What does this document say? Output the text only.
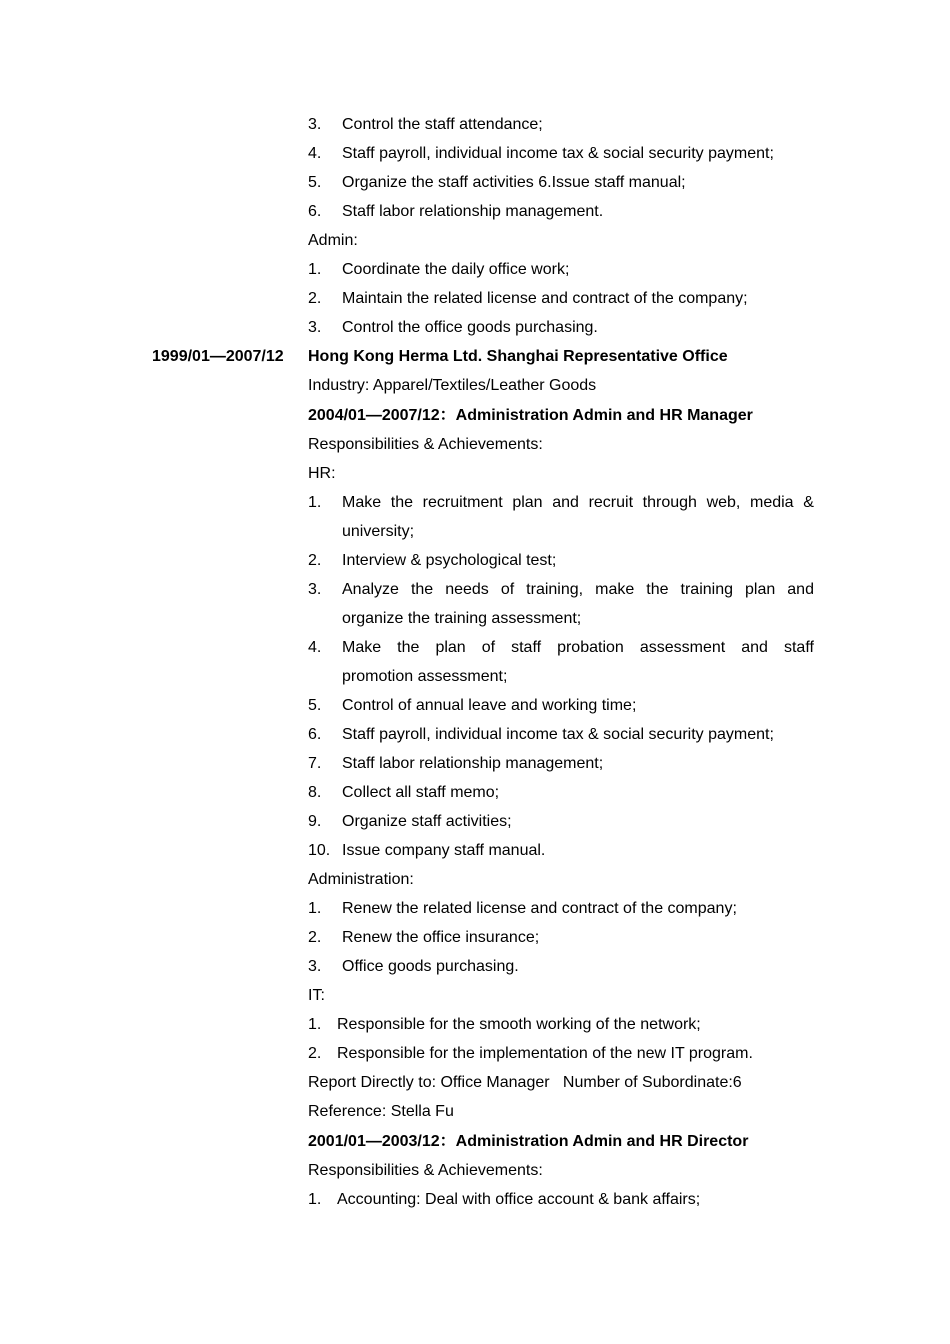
3. Control the staff attendance;
4. Staff payroll, individual income tax & social security payment;
5. Organize the staff activities 6.Issue staff manual;
6. Staff labor relationship management.
Admin:
1. Coordinate the daily office work;
2. Maintain the related license and contract of the company;
3. Control the office goods purchasing.
1999/01—2007/12 Hong Kong Herma Ltd. Shanghai Representative Office
Industry: Apparel/Textiles/Leather Goods
2004/01—2007/12：Administration Admin and HR Manager
Responsibilities & Achievements:
HR:
1. Make the recruitment plan and recruit through web, media &
university;
2. Interview & psychological test;
3. Analyze the needs of training, make the training plan and
organize the training assessment;
4. Make the plan of staff probation assessment and staff
promotion assessment;
5. Control of annual leave and working time;
6. Staff payroll, individual income tax & social security payment;
7. Staff labor relationship management;
8. Collect all staff memo;
9. Organize staff activities;
10. Issue company staff manual.
Administration:
1. Renew the related license and contract of the company;
2. Renew the office insurance;
3. Office goods purchasing.
IT:
1. Responsible for the smooth working of the network;
2. Responsible for the implementation of the new IT program.
Report Directly to: Office Manager   Number of Subordinate:6
Reference: Stella Fu
2001/01—2003/12：Administration Admin and HR Director
Responsibilities & Achievements:
1. Accounting: Deal with office account & bank affairs;
